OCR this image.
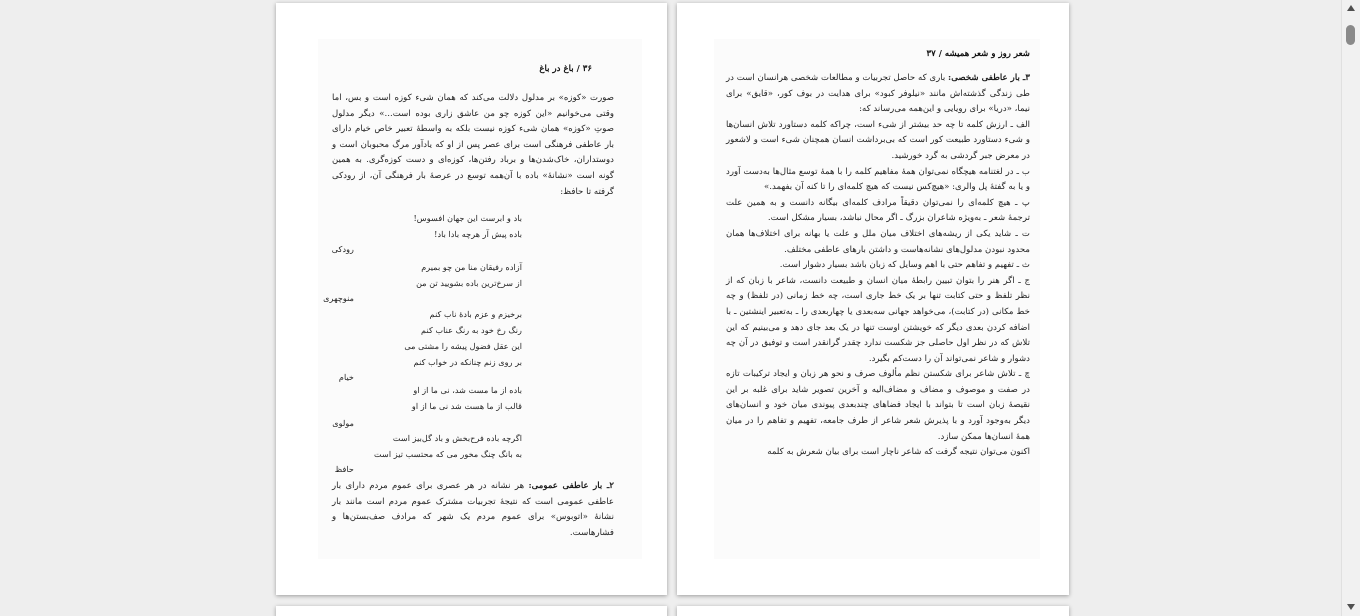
۳۶ / باغ در باغ
صورت «کوزه» بر مدلول دلالت می‌کند که همان شیء کوزه است و بس، اما وقتی می‌خوانیم «این کوزه چو من عاشق زاری بوده است...» دیگر مدلول صوتِ «کوزه» همان شیء کوزه نیست بلکه به واسطهٔ تعبیر خاص خیام دارای بار عاطفی فرهنگی است برای عصر پس از او که یادآور مرگ محبوبان است و دوستداران، خاک‌شدن‌ها و برباد رفتن‌ها، کوزه‌ای و دست کوزه‌گری. به همین گونه است «نشانهٔ» باده با آن‌همه توسع در عرصهٔ بار فرهنگی آن، از رودکی گرفته تا حافظ:
باد و ابرست این جهان افسوس!
باده پیش آر هرچه بادا باد!
رودکی
آزاده رفیقان منا من چو بمیرم
از سرخ‌ترین باده بشویید تن من
منوچهری
برخیزم و عزم بادهٔ ناب کنم
رنگ رخ خود به رنگ عناب کنم
این عقل فضول پیشه را مشتی می
بر روی زنم چنانکه در خواب کنم
خیام
باده از ما مست شد، نی ما از او
قالب از ما هست شد نی ما از او
مولوی
اگرچه باده فرح‌بخش و باد گل‌بیز است
به بانگ چنگ مخور می که محتسب تیز است
حافظ
۲ـ بار عاطفی عمومی: هر نشانه در هر عصری برای عموم مردم دارای بار عاطفی عمومی است که نتیجهٔ تجربیات مشترک عموم مردم است مانند بار نشانهٔ «اتوبوس» برای عموم مردم یک شهر که مرادف صف‌بستن‌ها و فشارهاست.
شعر روز و شعر همیشه / ۳۷
۳ـ بار عاطفی شخصی: باری که حاصل تجربیات و مطالعات شخصی هرانسان است در طی زندگی گذشته‌اش مانند «نیلوفر کبود» برای هدایت در بوف کور، «قایق» برای نیما، «دریا» برای رویایی و این‌همه می‌رساند که:
الف ـ ارزش کلمه تا چه حد بیشتر از شیء است، چراکه کلمه دستاورد تلاش انسان‌ها و شیء دستاورد طبیعت کور است که بی‌برداشت انسان همچنان شیء است و لاشعور در معرض جبر گردشی به گرد خورشید.
ب ـ در لغتنامه هیچگاه نمی‌توان همهٔ مفاهیم کلمه را با همهٔ توسع مثال‌ها به‌دست آورد و یا به گفتهٔ پل والری: «هیچ‌کس نیست که هیچ کلمه‌ای را تا کنه آن بفهمد.»
پ ـ هیچ کلمه‌ای را نمی‌توان دقیقاً مرادف کلمه‌ای بیگانه دانست و به همین علت ترجمهٔ شعر ـ به‌ویژه شاعران بزرگ ـ اگر محال نباشد، بسیار مشکل است.
ت ـ شاید یکی از ریشه‌های اختلاف میان ملل و علت یا بهانه برای اختلاف‌ها همان محدود نبودن مدلول‌های نشانه‌هاست و داشتن بارهای عاطفی مختلف.
ث ـ تفهیم و تفاهم حتی با اهم وسایل که زبان باشد بسیار دشوار است.
ج ـ اگر هنر را بتوان تبیین رابطهٔ میان انسان و طبیعت دانست، شاعر با زبان که از نظر تلفظ و حتی کتابت تنها بر یک خط جاری است، چه خط زمانی (در تلفظ) و چه خط مکانی (در کتابت)، می‌خواهد جهانی سه‌بعدی یا چهاربعدی را ـ به‌تعبیر اینشتین ـ با اضافه کردن بعدی دیگر که خویشتن اوست تنها در یک بعد جای دهد و می‌بینیم که این تلاش که در نظر اول حاصلی جز شکست ندارد چقدر گرانقدر است و توفیق در آن چه دشوار و شاعر نمی‌تواند آن را دست‌کم بگیرد.
چ ـ تلاش شاعر برای شکستن نظم مألوف صرف و نحو هر زبان و ایجاد ترکیبات تازه در صفت و موصوف و مضاف و مضاف‌الیه و آخرین تصویر شاید برای غلبه بر این نقیصهٔ زبان است تا بتواند با ایجاد فضاهای چندبعدی پیوندی میان خود و انسان‌های دیگر به‌وجود آورد و با پذیرش شعر شاعر از طرف جامعه، تفهیم و تفاهم را در میان همهٔ انسان‌ها ممکن سازد.
اکنون می‌توان نتیجه گرفت که شاعر ناچار است برای بیان شعرش به کلمه
